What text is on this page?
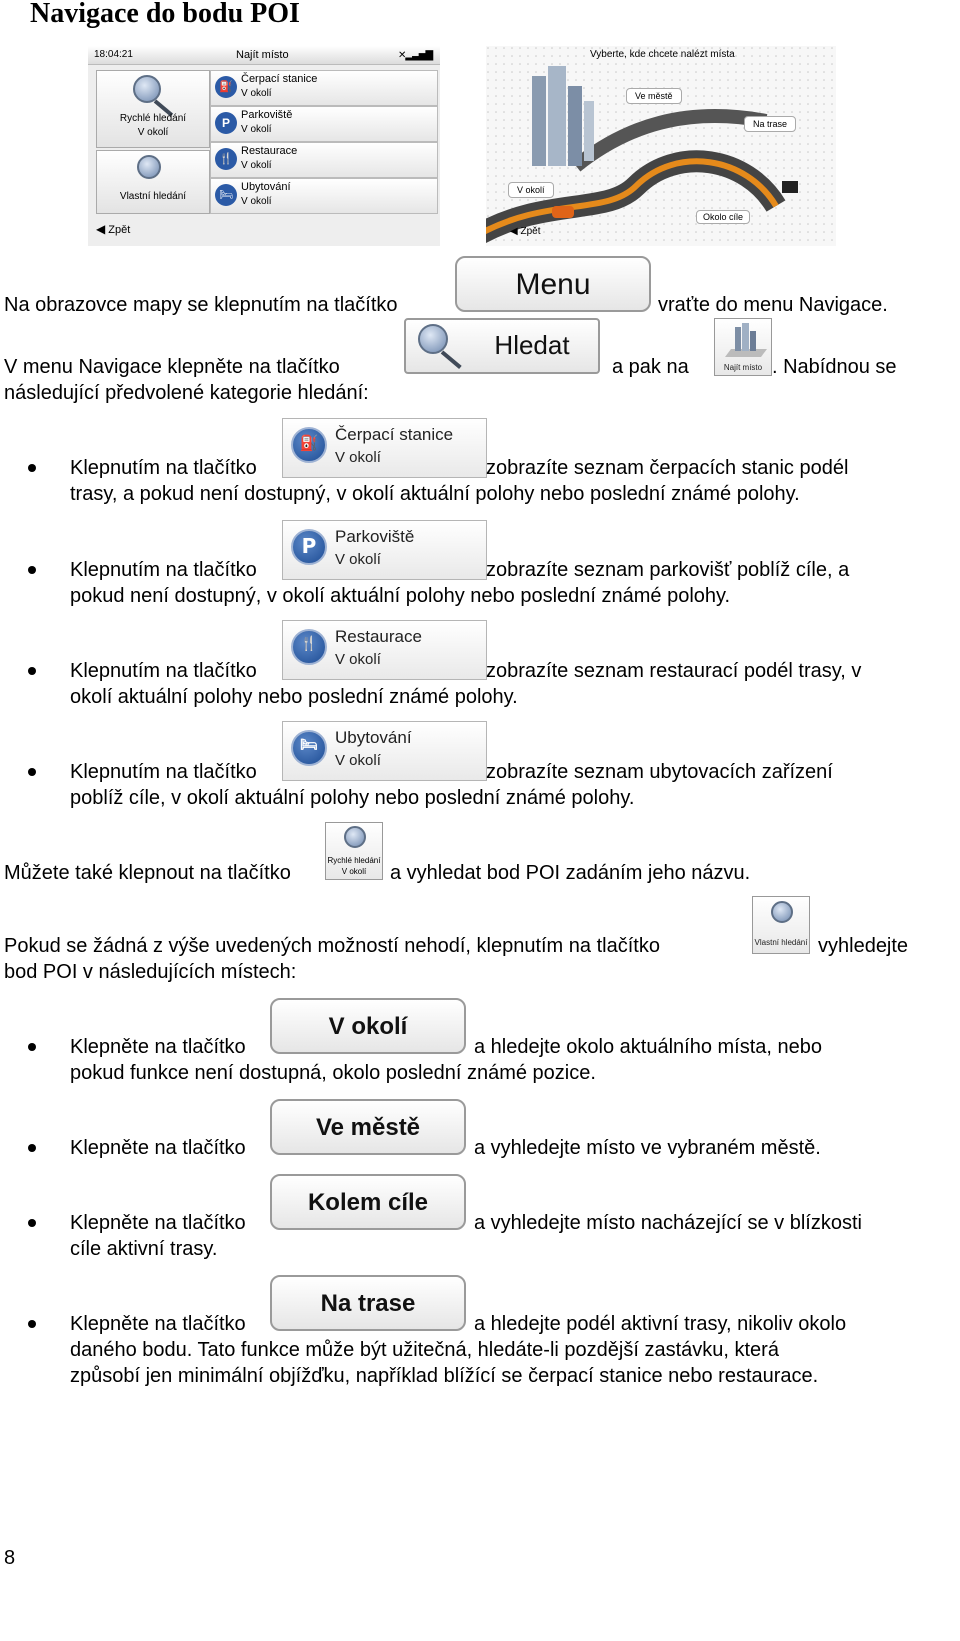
Navigace do bodu POI
18:04:21	Najít místo	✕▂▃▅▇
Rychlé hledání
V okolí
Vlastní hledání
⛽
Čerpací stanice
V okolí
P
Parkoviště
V okolí
🍴
Restaurace
V okolí
🛏
Ubytování
V okolí
◀ Zpět
Vyberte, kde chcete nalézt místa
Ve městě
Na trase
V okolí
Okolo cíle
◀ Zpět
Na obrazovce mapy se klepnutím na tlačítko
Menu
vraťte do menu Navigace.
V menu Navigace klepněte na tlačítko
Hledat
a pak na	Najít místo . Nabídnou se
následující předvolené kategorie hledání:
Klepnutím na tlačítko
⛽ Čerpací stanice
V okolí	zobrazíte seznam čerpacích stanic podél
trasy, a pokud není dostupný, v okolí aktuální polohy nebo poslední známé polohy.
Klepnutím na tlačítko
P	Parkoviště
V okolí	zobrazíte seznam parkovišť poblíž cíle, a
pokud není dostupný, v okolí aktuální polohy nebo poslední známé polohy.
Klepnutím na tlačítko
🍴	Restaurace
V okolí
zobrazíte seznam restaurací podél trasy, v
okolí aktuální polohy nebo poslední známé polohy.
Klepnutím na tlačítko
🛏	Ubytování
V okolí
zobrazíte seznam ubytovacích zařízení
poblíž cíle, v okolí aktuální polohy nebo poslední známé polohy.
Můžete také klepnout na tlačítko
Rychlé hledání
V okolí	a vyhledat bod POI zadáním jeho názvu.
Pokud se žádná z výše uvedených možností nehodí, klepnutím na tlačítko	Vlastní hledání vyhledejte
bod POI v následujících místech:
Klepněte na tlačítko
V okolí
a hledejte okolo aktuálního místa, nebo
pokud funkce není dostupná, okolo poslední známé pozice.
Klepněte na tlačítko
Ve městě
a vyhledejte místo ve vybraném městě.
Klepněte na tlačítko
Kolem cíle
a vyhledejte místo nacházející se v blízkosti
cíle aktivní trasy.
Klepněte na tlačítko
Na trase
a hledejte podél aktivní trasy, nikoliv okolo
daného bodu. Tato funkce může být užitečná, hledáte-li pozdější zastávku, která
způsobí jen minimální objížďku, například blížící se čerpací stanice nebo restaurace.
8
